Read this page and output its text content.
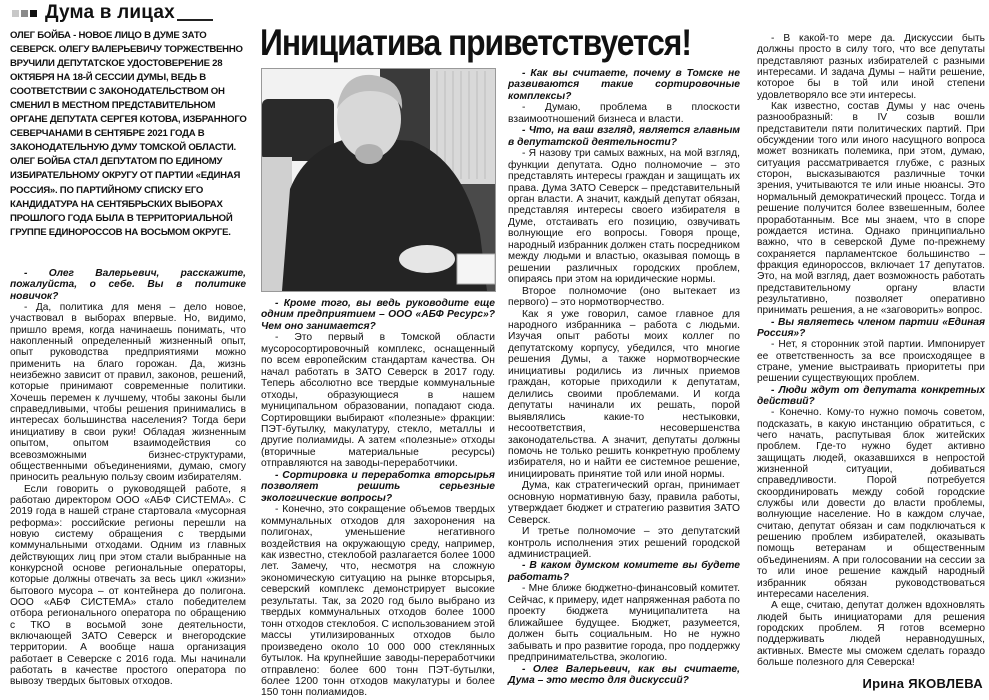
Дума в лицах
ОЛЕГ БОЙБА - НОВОЕ ЛИЦО В ДУМЕ ЗАТО СЕВЕРСК. ОЛЕГУ ВАЛЕРЬЕВИЧУ ТОРЖЕСТВЕННО ВРУЧИЛИ ДЕПУТАТСКОЕ УДОСТОВЕРЕНИЕ 28 ОКТЯБРЯ НА 18-Й СЕССИИ ДУМЫ, ВЕДЬ В СООТВЕТСТВИИ С ЗАКОНОДАТЕЛЬСТВОМ ОН СМЕНИЛ В МЕСТНОМ ПРЕДСТАВИТЕЛЬНОМ ОРГАНЕ ДЕПУТАТА СЕРГЕЯ КОТОВА, ИЗБРАННОГО СЕВЕРЧАНАМИ В СЕНТЯБРЕ 2021 ГОДА В ЗАКОНОДАТЕЛЬНУЮ ДУМУ ТОМСКОЙ ОБЛАСТИ. ОЛЕГ БОЙБА СТАЛ ДЕПУТАТОМ ПО ЕДИНОМУ ИЗБИРАТЕЛЬНОМУ ОКРУГУ ОТ ПАРТИИ «ЕДИНАЯ РОССИЯ». ПО ПАРТИЙНОМУ СПИСКУ ЕГО КАНДИДАТУРА НА СЕНТЯБРЬСКИХ ВЫБОРАХ ПРОШЛОГО ГОДА БЫЛА В ТЕРРИТОРИАЛЬНОЙ ГРУППЕ ЕДИНОРОССОВ НА ВОСЬМОМ ОКРУГЕ.
Инициатива приветствуется!

- Олег Валерьевич, расскажите, пожалуйста, о себе. Вы в политике новичок?

- Да, политика для меня – дело новое, участвовал в выборах впервые. Но, видимо, пришло время, когда начинаешь понимать, что накопленный определенный жизненный опыт, опыт руководства предприятиями можно применить на благо горожан. Да, жизнь неизбежно зависит от правил, законов, решений, которые принимают современные политики. Хочешь перемен к лучшему, чтобы законы были справедливыми, чтобы решения принимались в интересах большинства населения? Тогда бери инициативу в свои руки! Обладая жизненным опытом, опытом взаимодействия со всевозможными бизнес-структурами, общественными объединениями, думаю, смогу приносить реальную пользу своим избирателям.

Если говорить о руководящей работе, я работаю директором ООО «АБФ СИСТЕМА». С 2019 года в нашей стране стартовала «мусорная реформа»: российские регионы перешли на новую систему обращения с твердыми коммунальными отходами. Одним из главных действующих лиц при этом стали выбранные на конкурсной основе региональные операторы, которые должны отвечать за весь цикл «жизни» бытового мусора – от контейнера до полигона. ООО «АБФ СИСТЕМА» стало победителем отбора регионального оператора по обращению с ТКО в восьмой зоне деятельности, включающей ЗАТО Северск и внегородские территории. А вообще наша организация работает в Северске с 2016 года. Мы начинали работать в качестве простого оператора по вывозу твердых бытовых отходов.

- Кроме того, вы ведь руководите еще одним предприятием – ООО «АБФ Ресурс»? Чем оно занимается?

- Это первый в Томской области мусоросортировочный комплекс, оснащенный по всем европейским стандартам качества. Он начал работать в ЗАТО Северск в 2017 году. Теперь абсолютно все твердые коммунальные отходы, образующиеся в нашем муниципальном образовании, попадают сюда. Сортировщики выбирают «полезные» фракции: ПЭТ-бутылку, макулатуру, стекло, металлы и другие полиамиды. А затем «полезные» отходы (вторичные материальные ресурсы) отправляются на заводы-переработчики.

- Сортировка и переработка вторсырья позволяет решить серьезные экологические вопросы?

- Конечно, это сокращение объемов твердых коммунальных отходов для захоронения на полигонах, уменьшение негативного воздействия на окружающую среду, например, как известно, стеклобой разлагается более 1000 лет. Замечу, что, несмотря на сложную экономическую ситуацию на рынке вторсырья, северский комплекс демонстрирует высокие результаты. Так, за 2020 год было выбрано из твердых коммунальных отходов более 1000 тонн отходов стеклобоя. С использованием этой массы утилизированных отходов было произведено около 10 000 000 стеклянных бутылок. На крупнейшие заводы-переработчики отправлено: более 600 тонн ПЭТ-бутылки, более 1200 тонн отходов макулатуры и более 150 тонн полиамидов.

- Как вы считаете, почему в Томске не развиваются такие сортировочные комплексы?

- Думаю, проблема в плоскости взаимоотношений бизнеса и власти.

- Что, на ваш взгляд, является главным в депутатской деятельности?

- Я назову три самых важных, на мой взгляд, функции депутата. Одно полномочие – это представлять интересы граждан и защищать их права. Дума ЗАТО Северск – представительный орган власти. А значит, каждый депутат обязан, представляя интересы своего избирателя в Думе, отстаивать его позицию, озвучивать волнующие его вопросы. Говоря проще, народный избранник должен стать посредником между людьми и властью, оказывая помощь в решении различных городских проблем, опираясь при этом на юридические нормы.

Второе полномочие (оно вытекает из первого) – это нормотворчество.

Как я уже говорил, самое главное для народного избранника – работа с людьми. Изучая опыт работы моих коллег по депутатскому корпусу, убедился, что многие решения Думы, а также нормотворческие инициативы родились из личных приемов граждан, которые приходили к депутатам, делились своими проблемами. И когда депутаты начинали их решать, порой выявлялись какие-то нестыковки, несоответствия, несовершенства законодательства. А значит, депутаты должны помочь не только решить конкретную проблему избирателя, но и найти ее системное решение, инициировать принятие той или иной нормы.

Дума, как стратегический орган, принимает основную нормативную базу, правила работы, утверждает бюджет и стратегию развития ЗАТО Северск.

И третье полномочие – это депутатский контроль исполнения этих решений городской администрацией.

- В каком думском комитете вы будете работать?

- Мне ближе бюджетно-финансовый комитет. Сейчас, к примеру, идет напряженная работа по проекту бюджета муниципалитета на ближайшее будущее. Бюджет, разумеется, должен быть социальным. Но не нужно забывать и про развитие города, про поддержку предпринимательства, экологию.

- Олег Валерьевич, как вы считаете, Дума – это место для дискуссий?

- В какой-то мере да. Дискуссии быть должны просто в силу того, что все депутаты представляют разных избирателей с разными интересами. И задача Думы – найти решение, которое бы в той или иной степени удовлетворяло все эти интересы.

Как известно, состав Думы у нас очень разнообразный: в IV созыв вошли представители пяти политических партий. При обсуждении того или иного насущного вопроса может возникать полемика, при этом, думаю, ситуация рассматривается глубже, с разных сторон, высказываются различные точки зрения, учитываются те или иные нюансы. Это нормальный демократический процесс. Тогда и решение получится более взвешенным, более проработанным. Все мы знаем, что в споре рождается истина. Однако принципиально важно, что в северской Думе по-прежнему сохраняется парламентское большинство – фракция единороссов, включает 17 депутатов. Это, на мой взгляд, дает возможность работать представительному органу власти результативно, позволяет оперативно принимать решения, а не «заговорить» вопрос.

- Вы являетесь членом партии «Единая Россия»?

- Нет, я сторонник этой партии. Импонирует ее ответственность за все происходящее в стране, умение выстраивать приоритеты при решении существующих проблем.

- Люди ждут от депутата конкретных действий?

- Конечно. Кому-то нужно помочь советом, подсказать, в какую инстанцию обратиться, с чего начать, распутывая блок житейских проблем. Где-то нужно будет активно защищать людей, оказавшихся в непростой жизненной ситуации, добиваться справедливости. Порой потребуется скоординировать между собой городские службы или довести до власти проблемы, волнующие население. Но в каждом случае, считаю, депутат обязан и сам подключаться к решению проблем избирателей, оказывать помощь ветеранам и общественным объединениям. А при голосовании на сессии за то или иное решение каждый народный избранник обязан руководствоваться интересами населения.

А еще, считаю, депутат должен вдохновлять людей быть инициаторами для решения городских проблем. Я готов всемерно поддерживать людей неравнодушных, активных. Вместе мы сможем сделать гораздо больше полезного для Северска!

Ирина ЯКОВЛЕВА
